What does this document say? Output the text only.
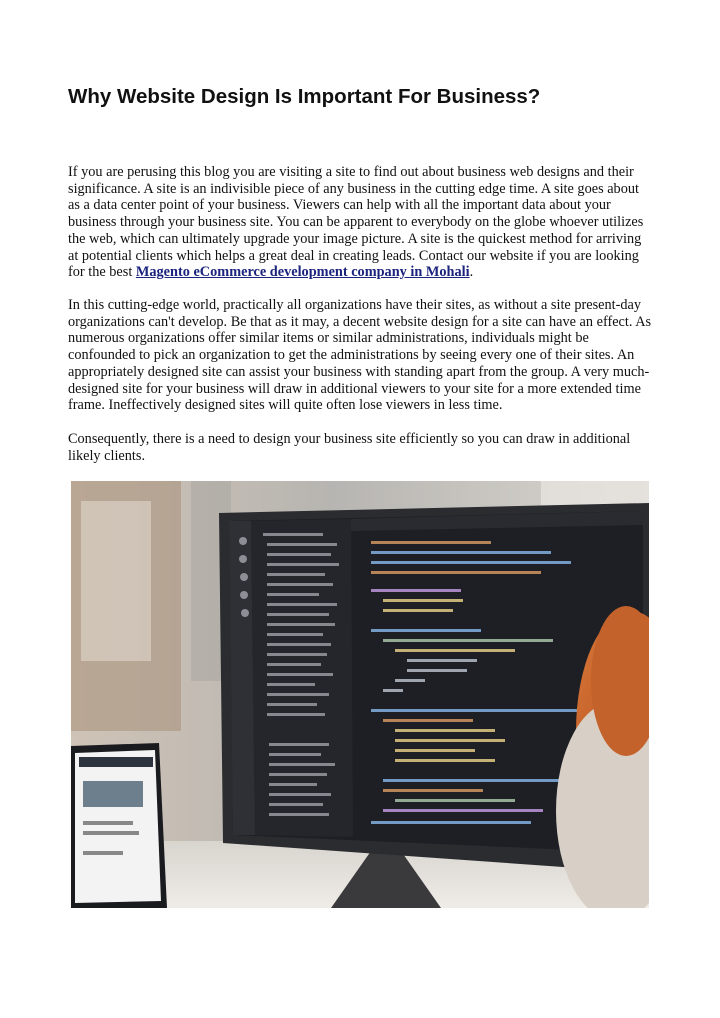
Why Website Design Is Important For Business?

If you are perusing this blog you are visiting a site to find out about business web designs and their significance. A site is an indivisible piece of any business in the cutting edge time. A site goes about as a data center point of your business. Viewers can help with all the important data about your business through your business site. You can be apparent to everybody on the globe whoever utilizes the web, which can ultimately upgrade your image picture. A site is the quickest method for arriving at potential clients which helps a great deal in creating leads. Contact our website if you are looking for the best Magento eCommerce development company in Mohali.

In this cutting-edge world, practically all organizations have their sites, as without a site present-day organizations can't develop. Be that as it may, a decent website design for a site can have an effect. As numerous organizations offer similar items or similar administrations, individuals might be confounded to pick an organization to get the administrations by seeing every one of their sites. An appropriately designed site can assist your business with standing apart from the group. A very much-designed site for your business will draw in additional viewers to your site for a more extended time frame. Ineffectively designed sites will quite often lose viewers in less time.

Consequently, there is a need to design your business site efficiently so you can draw in additional likely clients.
